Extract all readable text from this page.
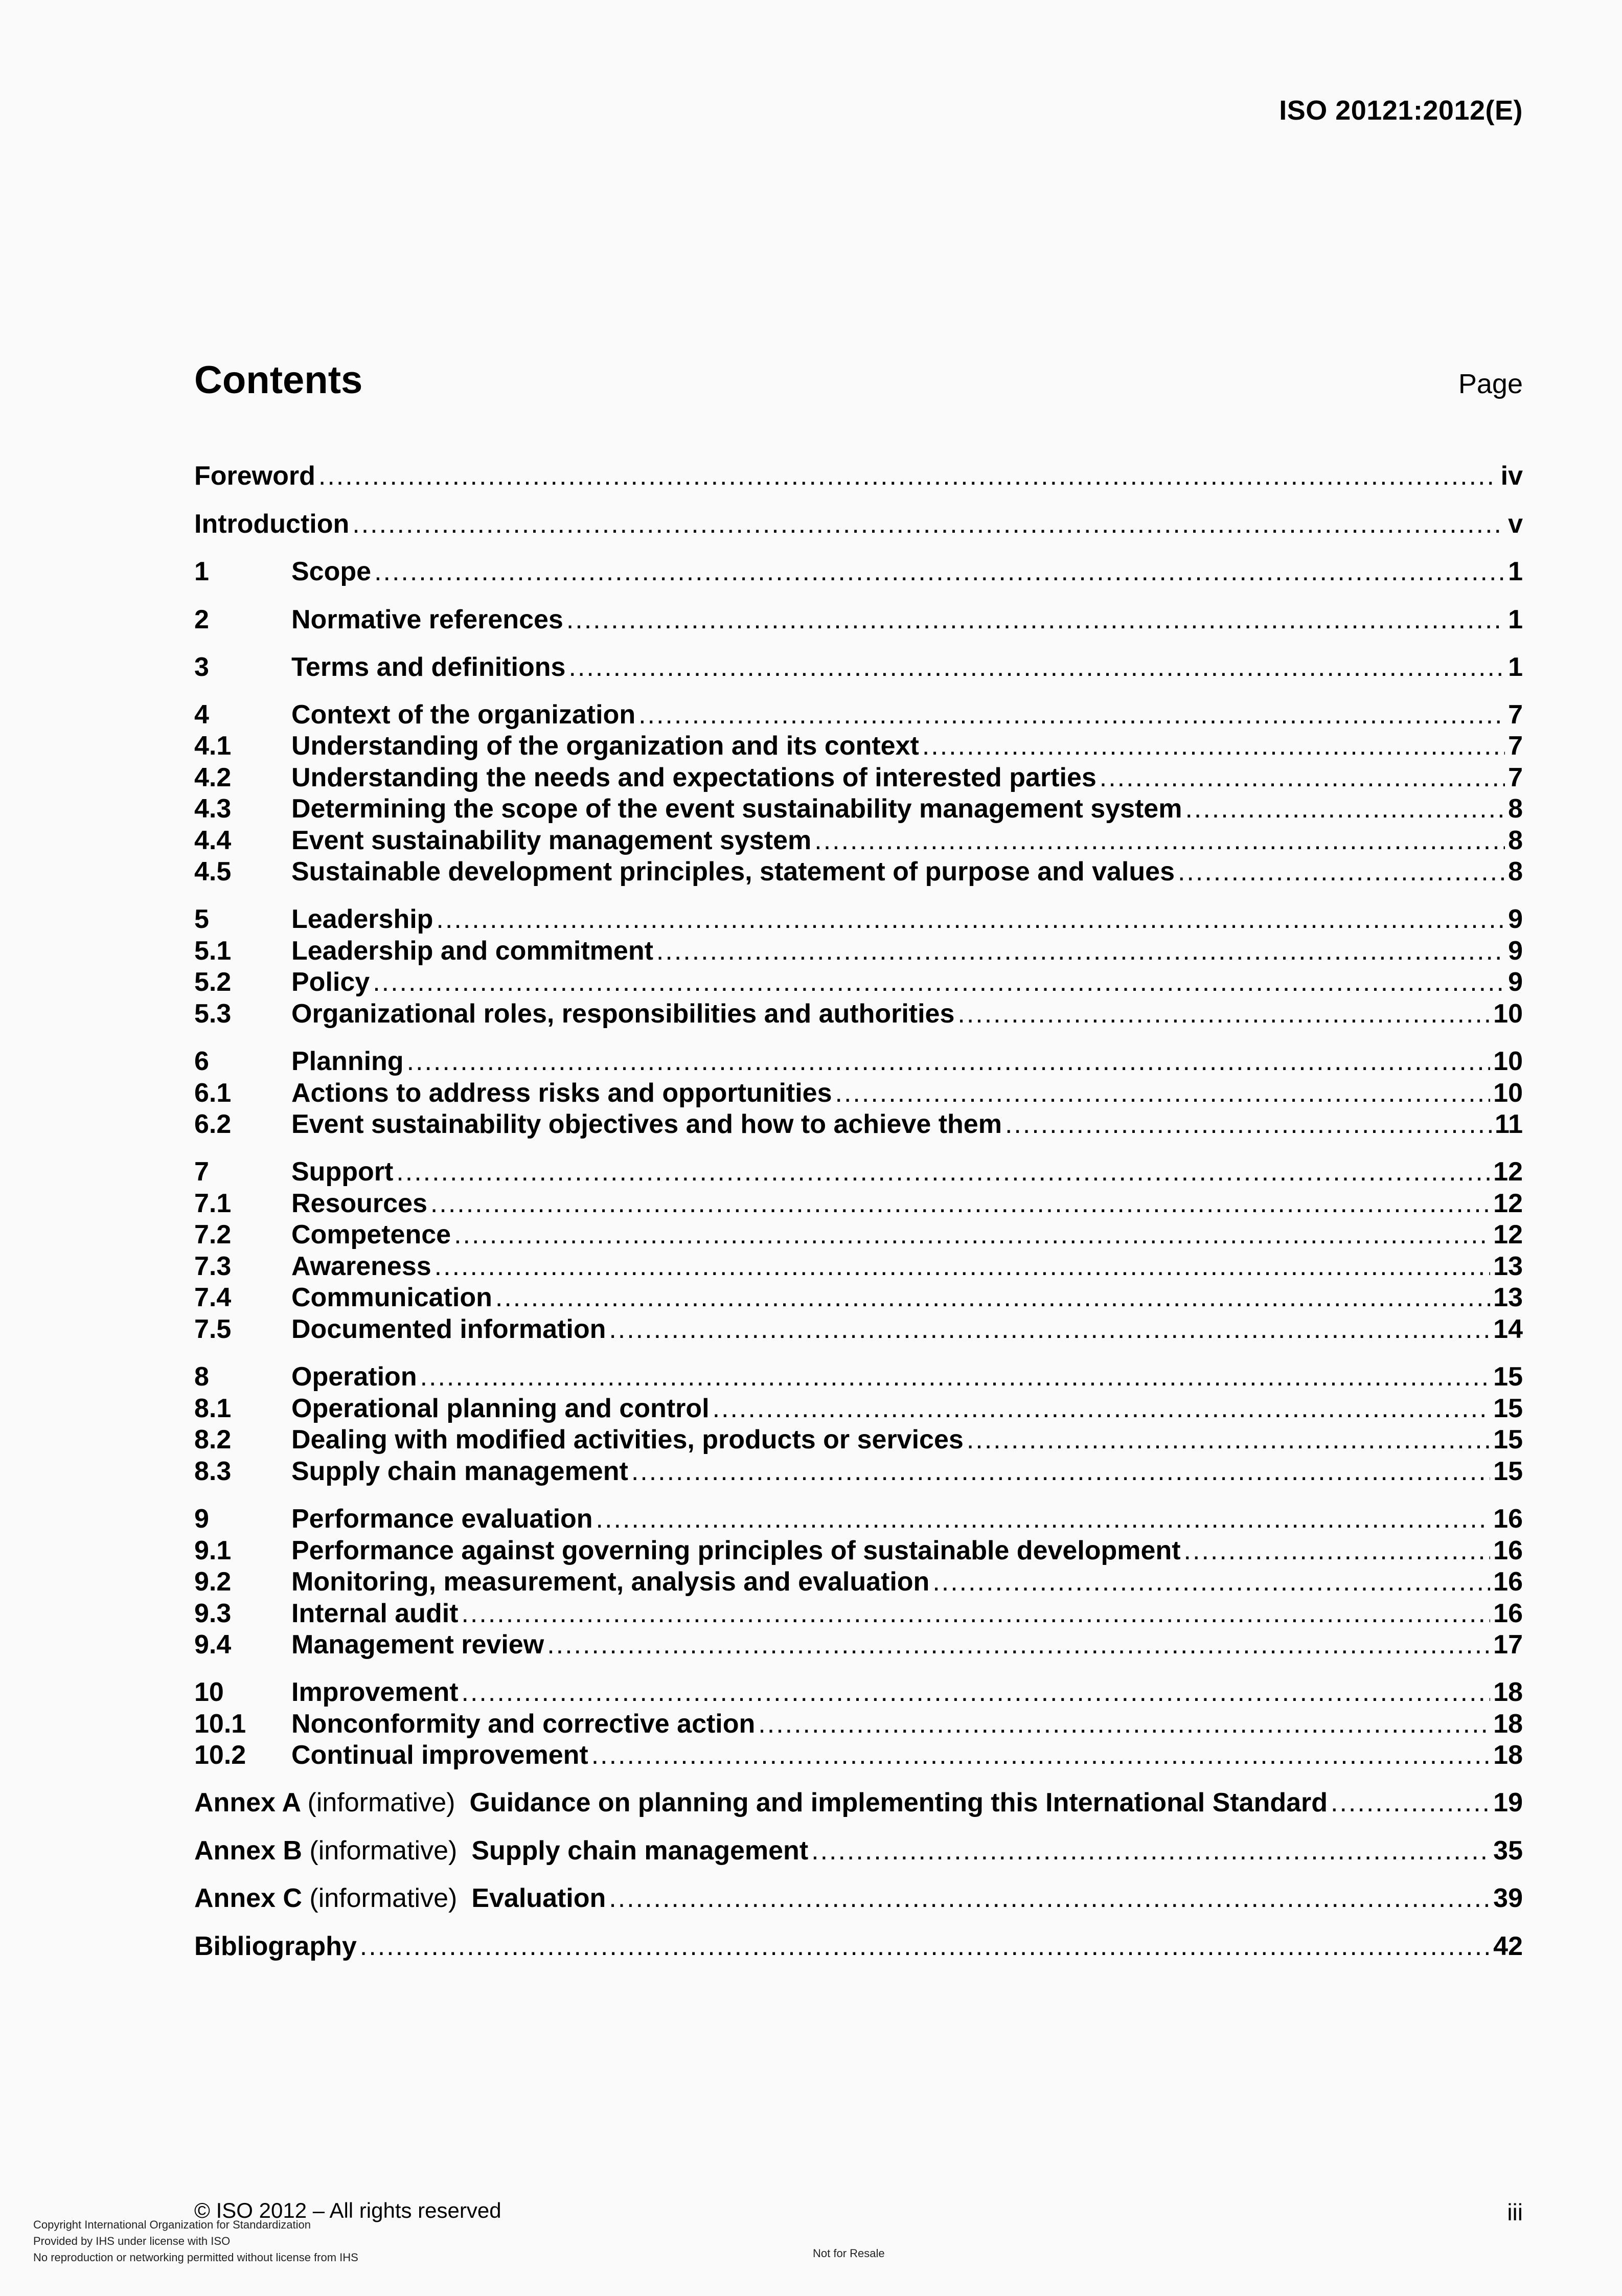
ISO 20121:2012(E)
Contents	Page
Foreword .....	iv
Introduction .....	v
1	Scope .....	1
2	Normative references .....	1
3	Terms and definitions .....	1
4	Context of the organization .....	7
4.1	Understanding of the organization and its context .....	7
4.2	Understanding the needs and expectations of interested parties .....	7
4.3	Determining the scope of the event sustainability management system .....	8
4.4	Event sustainability management system .....	8
4.5	Sustainable development principles, statement of purpose and values .....	8
5	Leadership .....	9
5.1	Leadership and commitment .....	9
5.2	Policy .....	9
5.3	Organizational roles, responsibilities and authorities .....	10
6	Planning .....	10
6.1	Actions to address risks and opportunities .....	10
6.2	Event sustainability objectives and how to achieve them .....	11
7	Support .....	12
7.1	Resources .....	12
7.2	Competence .....	12
7.3	Awareness .....	13
7.4	Communication .....	13
7.5	Documented information .....	14
8	Operation .....	15
8.1	Operational planning and control .....	15
8.2	Dealing with modified activities, products or services .....	15
8.3	Supply chain management .....	15
9	Performance evaluation .....	16
9.1	Performance against governing principles of sustainable development .....	16
9.2	Monitoring, measurement, analysis and evaluation .....	16
9.3	Internal audit .....	16
9.4	Management review .....	17
10	Improvement .....	18
10.1	Nonconformity and corrective action .....	18
10.2	Continual improvement .....	18
Annex A (informative) Guidance on planning and implementing this International Standard .....	19
Annex B (informative) Supply chain management .....	35
Annex C (informative) Evaluation .....	39
Bibliography .....	42
© ISO 2012 – All rights reserved	iii
Copyright International Organization for Standardization
Provided by IHS under license with ISO
No reproduction or networking permitted without license from IHS	Not for Resale
